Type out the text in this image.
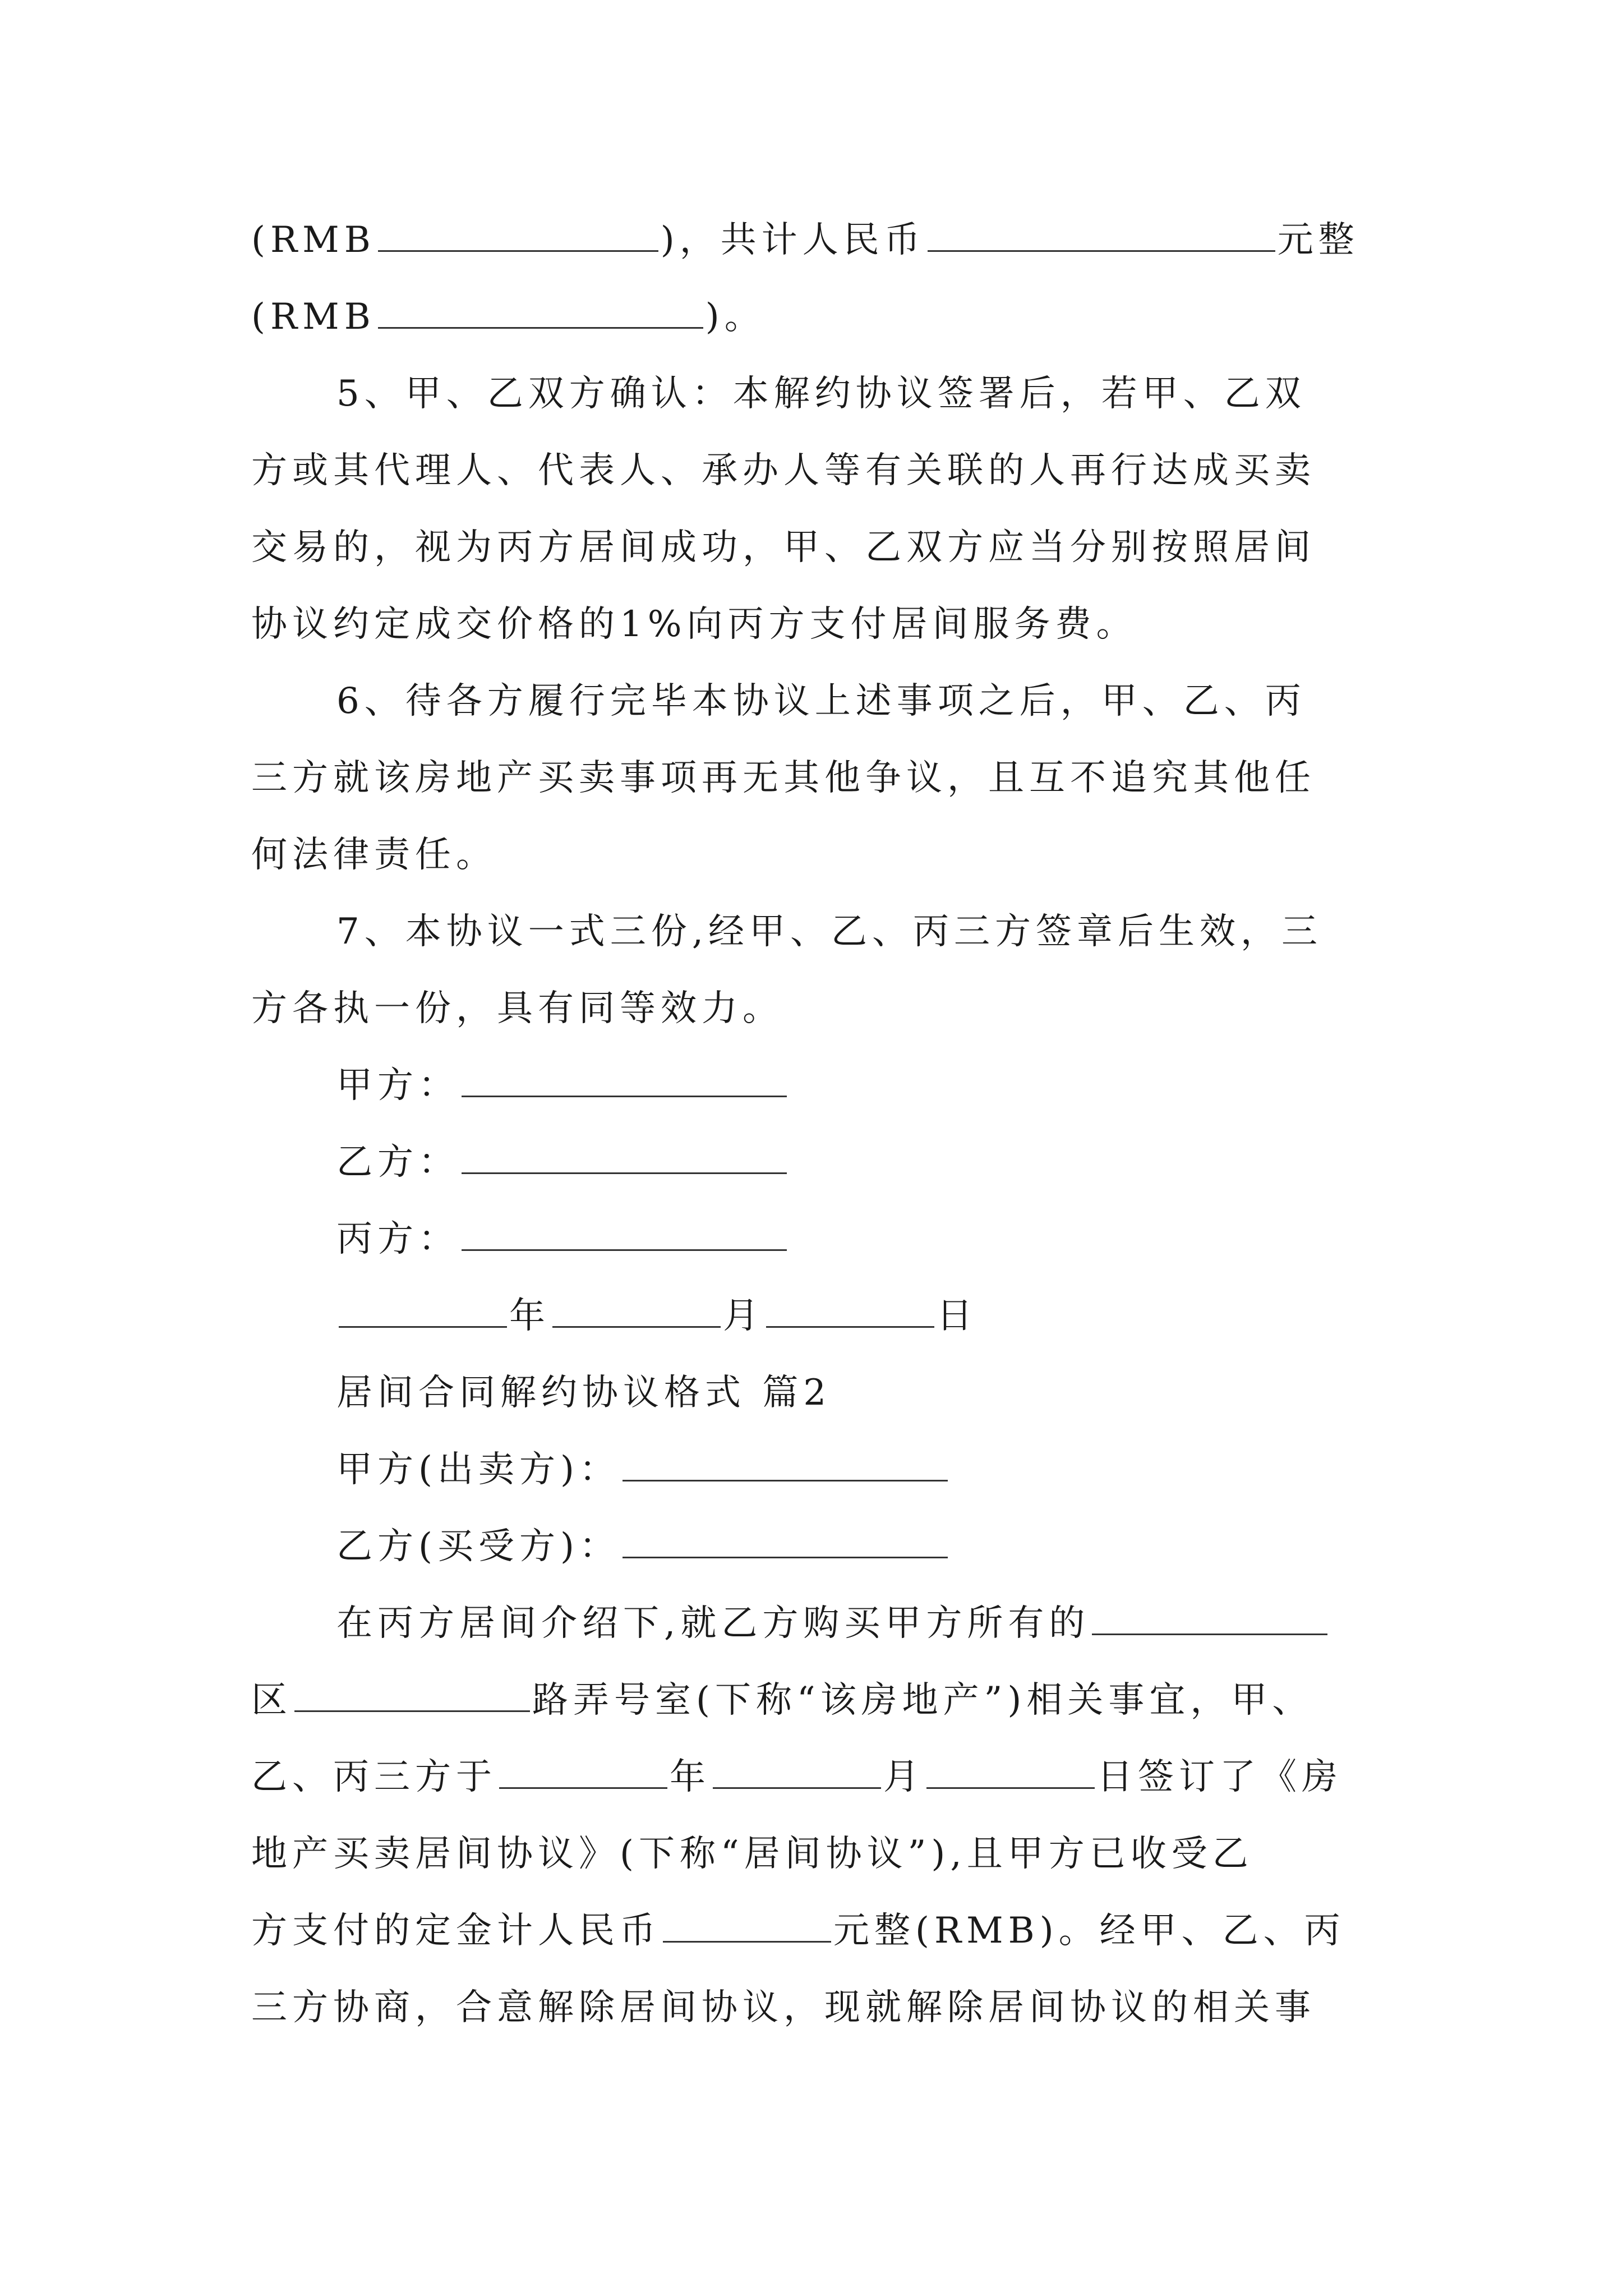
(RMB	)，共计人民币	元整
(RMB	)。
5、甲、乙双方确认：本解约协议签署后，若甲、乙双
方或其代理人、代表人、承办人等有关联的人再行达成买卖
交易的，视为丙方居间成功，甲、乙双方应当分别按照居间
协议约定成交价格的1%向丙方支付居间服务费。
6、待各方履行完毕本协议上述事项之后，甲、乙、丙
三方就该房地产买卖事项再无其他争议，且互不追究其他任
何法律责任。
7、本协议一式三份,经甲、乙、丙三方签章后生效，三
方各执一份，具有同等效力。
甲方：
乙方：
丙方：
年	月	日
居间合同解约协议格式 篇2
甲方(出卖方)：
乙方(买受方)：
在丙方居间介绍下,就乙方购买甲方所有的
区	路弄号室(下称“该房地产”)相关事宜，甲、
乙、丙三方于	年	月	日签订了《房
地产买卖居间协议》(下称“居间协议”),且甲方已收受乙
方支付的定金计人民币	元整(RMB)。经甲、乙、丙
三方协商，合意解除居间协议，现就解除居间协议的相关事
